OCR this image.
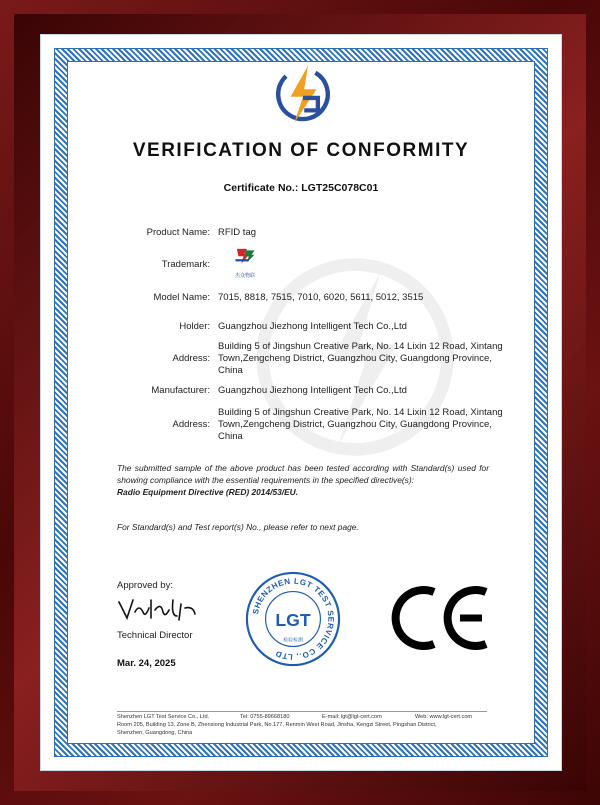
VERIFICATION OF CONFORMITY
Certificate No.: LGT25C078C01
Product Name: RFID tag
Trademark:
杰众物联
Model Name: 7015, 8818, 7515, 7010, 6020, 5611, 5012, 3515
Holder: Guangzhou Jiezhong Intelligent Tech Co.,Ltd
Address:
Building 5 of Jingshun Creative Park, No. 14 Lixin 12 Road, Xintang Town,Zengcheng District, Guangzhou City, Guangdong Province, China
Manufacturer: Guangzhou Jiezhong Intelligent Tech Co.,Ltd
Address:
Building 5 of Jingshun Creative Park, No. 14 Lixin 12 Road, Xintang Town,Zengcheng District, Guangzhou City, Guangdong Province, China
The submitted sample of the above product has been tested according with Standard(s) used for showing compliance with the essential requirements in the specified directive(s):
Radio Equipment Directive (RED) 2014/53/EU.
For Standard(s) and Test report(s) No., please refer to next page.
Approved by:
Technical Director
Mar. 24, 2025
SHENZHEN LGT TEST SERVICE CO., LTD
LGT
检验检测
Shenzhen LGT Test Service Co., Ltd.	Tel: 0755-89668180	E-mail: lgt@lgt-cert.com	Web: www.lgt-cert.com
Room 205, Building 13, Zone B, Zhenxiong Industrial Park, No.177, Renmin West Road, Jinsha, Kengzi Street, Pingshan District,
Shenzhen, Guangdong, China
